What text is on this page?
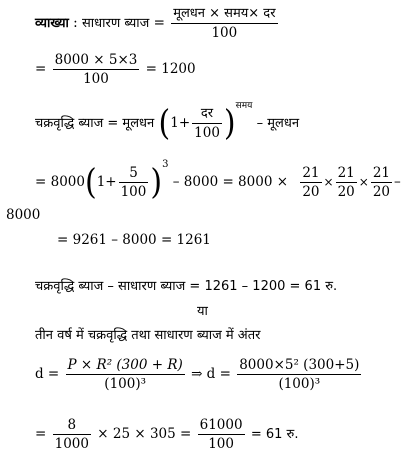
व्याख्या : साधारण ब्याज = $\frac{\text{मूलधन × समय× दर}}{100}$
= $\frac{8000 \times 5\times 3}{100} = 1200$
चक्रवृद्धि ब्याज = मूलधन $(1+ \frac{\text{दर}}{100} )^{समय}$ – मूलधन
= $8000(1+ \frac{5}{100} )^3 - 8000 = 8000 \times \frac{21}{20} \times \frac{21}{20} \times \frac{21}{20}$ –
8000
= 9261 – 8000 = 1261
चक्रवृद्धि ब्याज – साधारण ब्याज = 1261 – 1200 = 61 रु.
या
तीन वर्ष में चक्रवृद्धि तथा साधारण ब्याज में अंतर
$d = \frac{\text{P × R² (300 + R)}}{\text{(100)³}}$ ⇒ $d = \frac{\text{8000×5² (300+5)}}{\text{(100)³}}$
= $\frac{8}{1000} \times 25 \times 305 = \frac{61000}{100} = 61$ रु.
